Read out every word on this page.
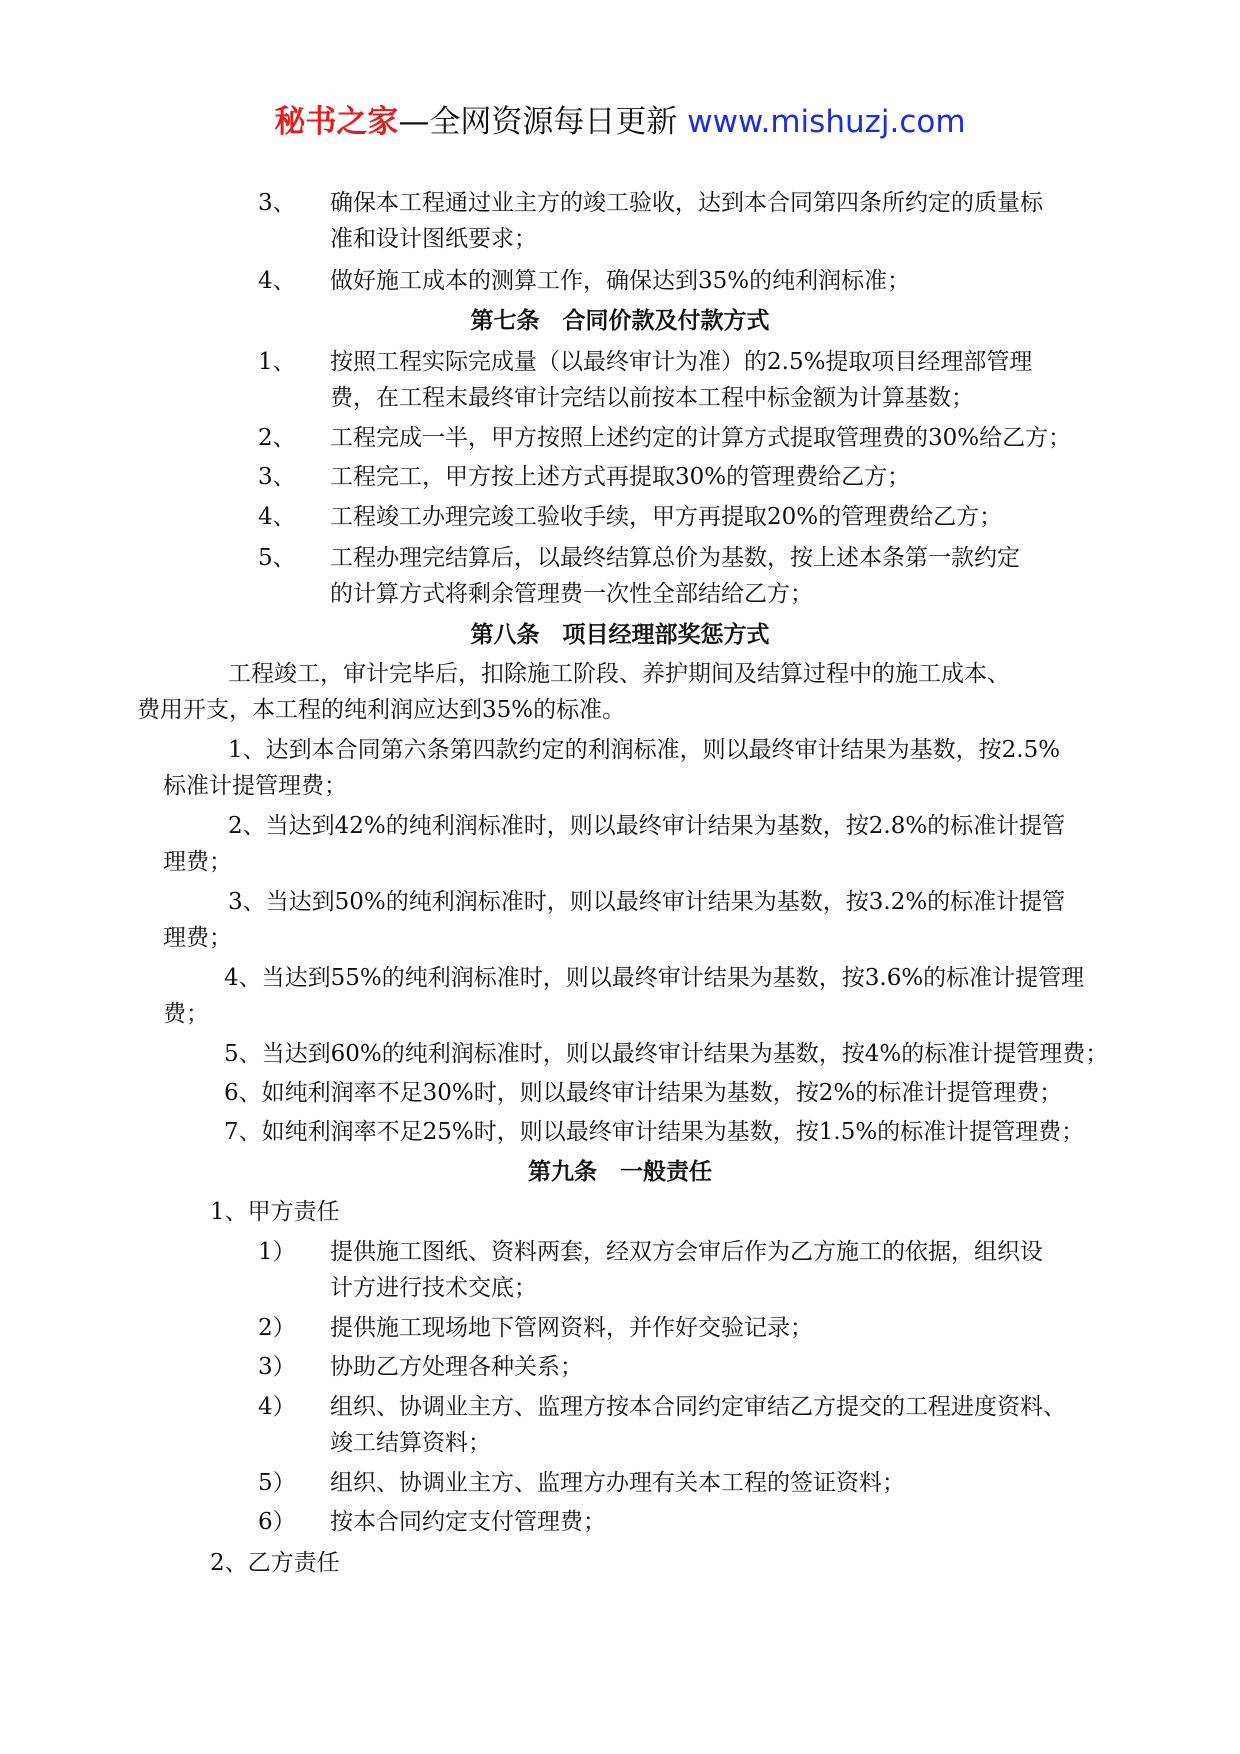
秘书之家—全网资源每日更新 www.mishuzj.com
3、 确保本工程通过业主方的竣工验收，达到本合同第四条所约定的质量标
准和设计图纸要求；
4、 做好施工成本的测算工作，确保达到35%的纯利润标准；
第七条　合同价款及付款方式
1、 按照工程实际完成量（以最终审计为准）的2.5%提取项目经理部管理
费，在工程末最终审计完结以前按本工程中标金额为计算基数；
2、 工程完成一半，甲方按照上述约定的计算方式提取管理费的30%给乙方；
3、 工程完工，甲方按上述方式再提取30%的管理费给乙方；
4、 工程竣工办理完竣工验收手续，甲方再提取20%的管理费给乙方；
5、 工程办理完结算后，以最终结算总价为基数，按上述本条第一款约定
的计算方式将剩余管理费一次性全部结给乙方；
第八条　项目经理部奖惩方式
工程竣工，审计完毕后，扣除施工阶段、养护期间及结算过程中的施工成本、
费用开支，本工程的纯利润应达到35%的标准。
1、达到本合同第六条第四款约定的利润标准，则以最终审计结果为基数，按2.5%
标准计提管理费；
2、当达到42%的纯利润标准时，则以最终审计结果为基数，按2.8%的标准计提管
理费；
3、当达到50%的纯利润标准时，则以最终审计结果为基数，按3.2%的标准计提管
理费；
4、当达到55%的纯利润标准时，则以最终审计结果为基数，按3.6%的标准计提管理
费；
5、当达到60%的纯利润标准时，则以最终审计结果为基数，按4%的标准计提管理费；
6、如纯利润率不足30%时，则以最终审计结果为基数，按2%的标准计提管理费；
7、如纯利润率不足25%时，则以最终审计结果为基数，按1.5%的标准计提管理费；
第九条　一般责任
1、甲方责任
1） 提供施工图纸、资料两套，经双方会审后作为乙方施工的依据，组织设
计方进行技术交底；
2） 提供施工现场地下管网资料，并作好交验记录；
3） 协助乙方处理各种关系；
4） 组织、协调业主方、监理方按本合同约定审结乙方提交的工程进度资料、
竣工结算资料；
5） 组织、协调业主方、监理方办理有关本工程的签证资料；
6） 按本合同约定支付管理费；
2、乙方责任
